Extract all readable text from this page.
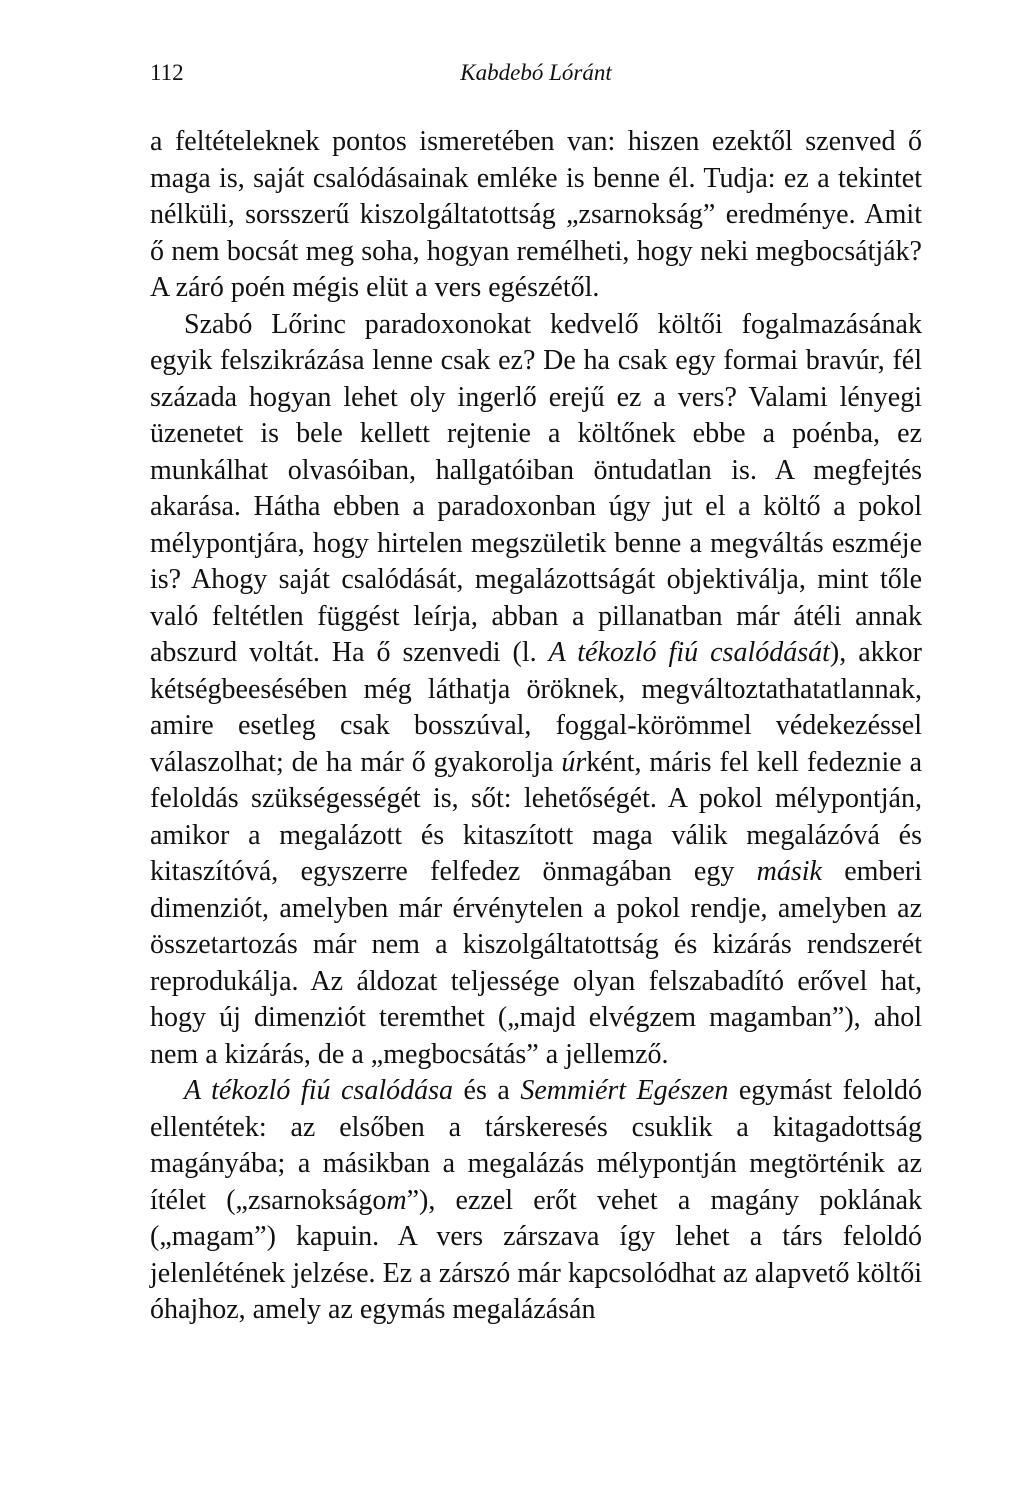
112	Kabdebó Lóránt

a feltételeknek pontos ismeretében van: hiszen ezektől szenved ő maga is, saját csalódásainak emléke is benne él. Tudja: ez a tekintet nélküli, sorsszerű kiszolgáltatottság „zsarnokság” eredménye. Amit ő nem bocsát meg soha, hogyan remélheti, hogy neki megbocsátják? A záró poén mégis elüt a vers egészétől.

Szabó Lőrinc paradoxonokat kedvelő költői fogalmazásának egyik felszikrázása lenne csak ez? De ha csak egy formai bravúr, fél százada hogyan lehet oly ingerlő erejű ez a vers? Valami lényegi üzenetet is bele kellett rejtenie a költőnek ebbe a poénba, ez munkálhat olvasóiban, hallgatóiban öntudatlan is. A megfejtés akarása. Hátha ebben a paradoxonban úgy jut el a költő a pokol mélypontjára, hogy hirtelen megszületik benne a megváltás eszméje is? Ahogy saját csalódását, megalázottságát objektiválja, mint tőle való feltétlen függést leírja, abban a pillanatban már átéli annak abszurd voltát. Ha ő szenvedi (l. A tékozló fiú csalódását), akkor kétségbeesésében még láthatja öröknek, megváltoztathatatlannak, amire esetleg csak bosszúval, foggal-körömmel védekezéssel válaszolhat; de ha már ő gyakorolja úrként, máris fel kell fedeznie a feloldás szükségességét is, sőt: lehetőségét. A pokol mélypontján, amikor a megalázott és kitaszított maga válik megalázóvá és kitaszítóvá, egyszerre felfedez önmagában egy másik emberi dimenziót, amelyben már érvénytelen a pokol rendje, amelyben az összetartozás már nem a kiszolgáltatottság és kizárás rendszerét reprodukálja. Az áldozat teljessége olyan felszabadító erővel hat, hogy új dimenziót teremthet („majd elvégzem magamban”), ahol nem a kizárás, de a „megbocsátás” a jellemző.

A tékozló fiú csalódása és a Semmiért Egészen egymást feloldó ellentétek: az elsőben a társkeresés csuklik a kitagadottság magányába; a másikban a megalázás mélypontján megtörténik az ítélet („zsarnokságom”), ezzel erőt vehet a magány poklának („magam”) kapuin. A vers zárszava így lehet a társ feloldó jelenlétének jelzése. Ez a zárszó már kapcsolódhat az alapvető költői óhajhoz, amely az egymás megalázásán
